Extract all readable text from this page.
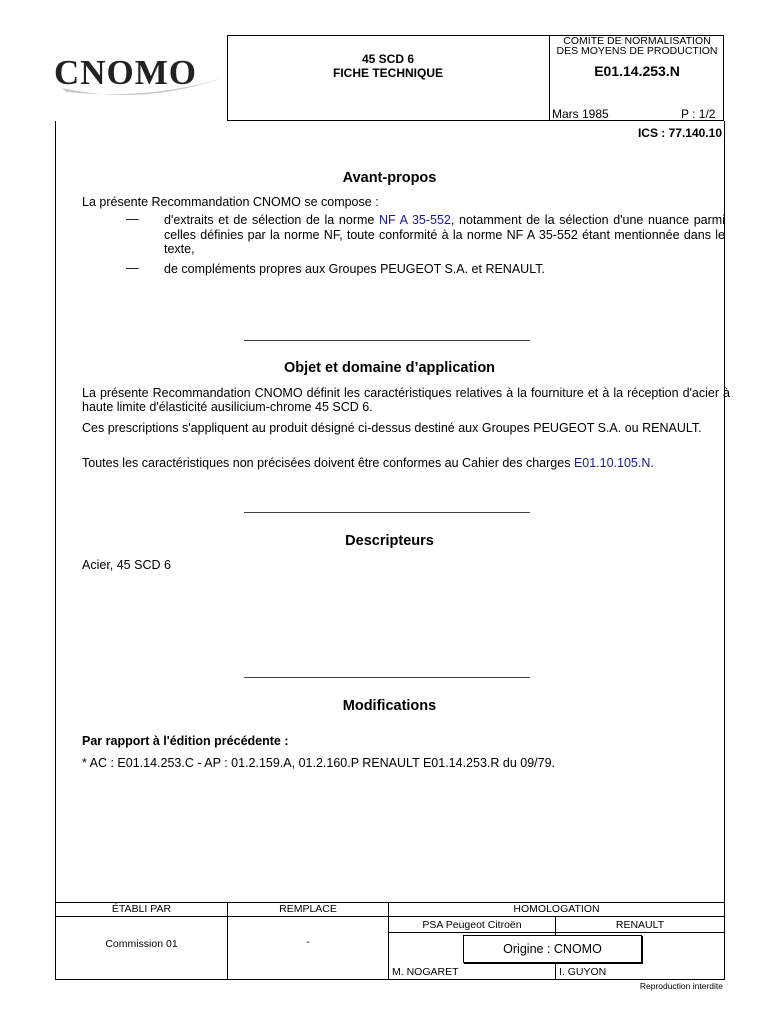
CNOMO	45 SCD 6
FICHE TECHNIQUE
COMITE DE NORMALISATION
DES MOYENS DE PRODUCTION
E01.14.253.N
Mars 1985	P : 1/2
ICS : 77.140.10
Avant-propos

La présente Recommandation CNOMO se compose :

— d'extraits et de sélection de la norme NF A 35-552, notamment de la sélection d'une nuance parmi celles définies par la norme NF, toute conformité à la norme NF A 35-552 étant mentionnée dans le texte,

— de compléments propres aux Groupes PEUGEOT S.A. et RENAULT.

Objet et domaine d’application

La présente Recommandation CNOMO définit les caractéristiques relatives à la fourniture et à la réception d'acier à haute limite d'élasticité ausilicium-chrome 45 SCD 6.

Ces prescriptions s'appliquent au produit désigné ci-dessus destiné aux Groupes PEUGEOT S.A. ou RENAULT.

Toutes les caractéristiques non précisées doivent être conformes au Cahier des charges E01.10.105.N.

Descripteurs

Acier, 45 SCD 6

Modifications

Par rapport à l'édition précédente :

* AC : E01.14.253.C - AP : 01.2.159.A, 01.2.160.P RENAULT E01.14.253.R du 09/79.

ÉTABLI PAR	REMPLACE	HOMOLOGATION
Commission 01	-
PSA Peugeot Citroën	RENAULT
Origine : CNOMO
M. NOGARET	I. GUYON
Reproduction interdite
